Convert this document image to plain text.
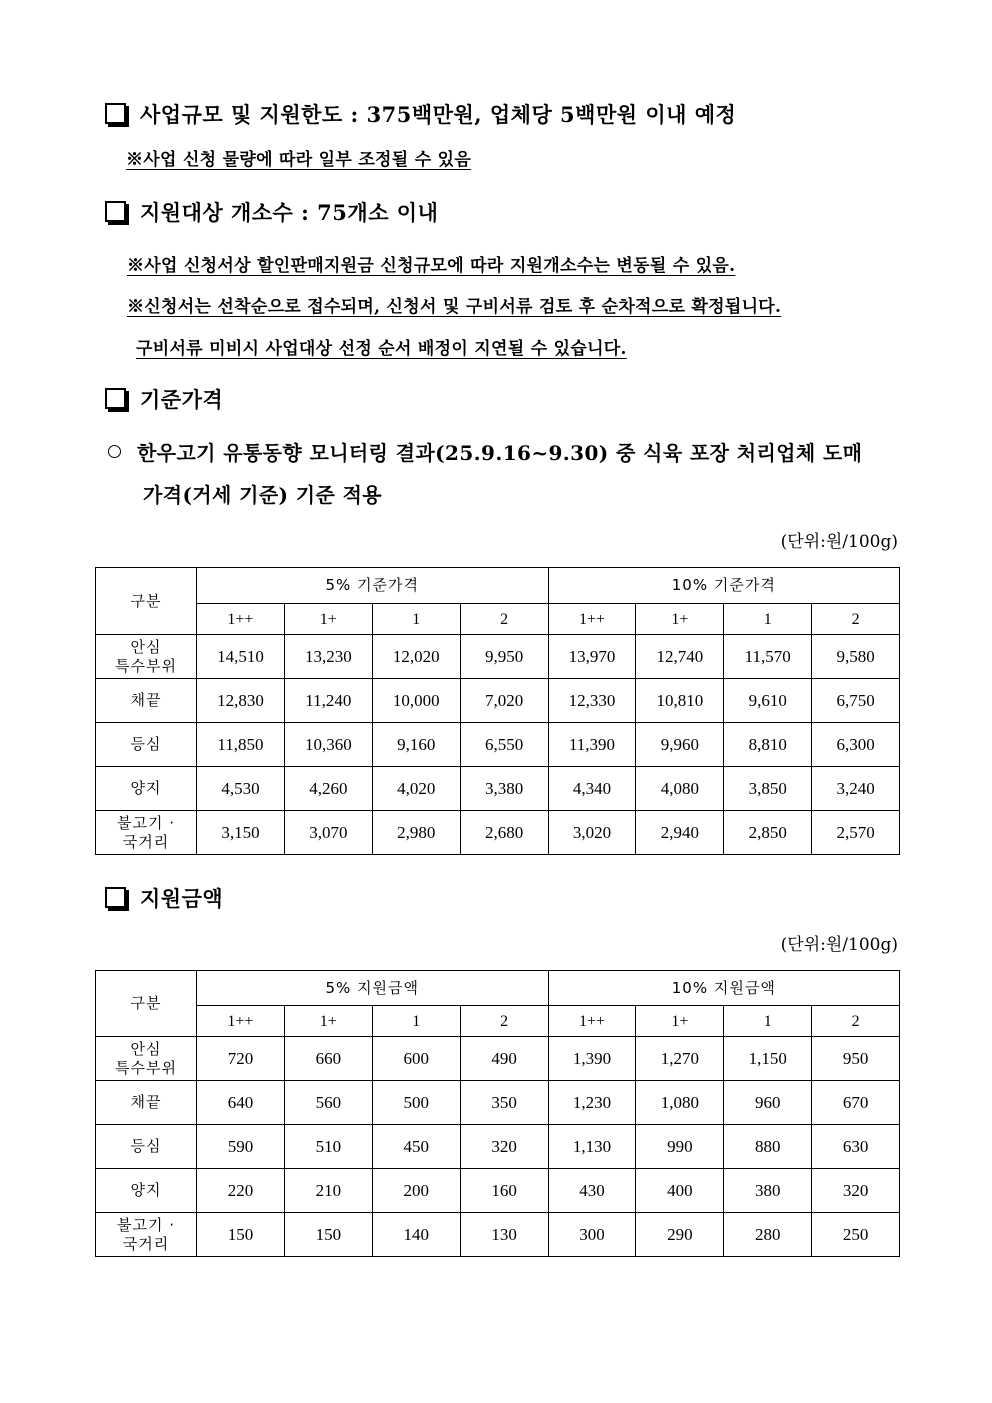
사업규모 및 지원한도 : 375백만원, 업체당 5백만원 이내 예정
※사업 신청 물량에 따라 일부 조정될 수 있음
지원대상 개소수 : 75개소 이내
※사업 신청서상 할인판매지원금 신청규모에 따라 지원개소수는 변동될 수 있음.
※신청서는 선착순으로 접수되며, 신청서 및 구비서류 검토 후 순차적으로 확정됩니다.
구비서류 미비시 사업대상 선정 순서 배정이 지연될 수 있습니다.
기준가격
한우고기 유통동향 모니터링 결과(25.9.16~9.30) 중 식육 포장 처리업체 도매
가격(거세 기준) 기준 적용
(단위:원/100g)
구분	5% 기준가격				10% 기준가격			
	1++	1+	1	2	1++	1+	1	2
안심
특수부위	14,510	13,230	12,020	9,950	13,970	12,740	11,570	9,580
채끝	12,830	11,240	10,000	7,020	12,330	10,810	9,610	6,750
등심	11,850	10,360	9,160	6,550	11,390	9,960	8,810	6,300
양지	4,530	4,260	4,020	3,380	4,340	4,080	3,850	3,240
불고기 ·
국거리	3,150	3,070	2,980	2,680	3,020	2,940	2,850	2,570
지원금액
(단위:원/100g)
구분	5% 지원금액				10% 지원금액			
	1++	1+	1	2	1++	1+	1	2
안심
특수부위	720	660	600	490	1,390	1,270	1,150	950
채끝	640	560	500	350	1,230	1,080	960	670
등심	590	510	450	320	1,130	990	880	630
양지	220	210	200	160	430	400	380	320
불고기 ·
국거리	150	150	140	130	300	290	280	250
